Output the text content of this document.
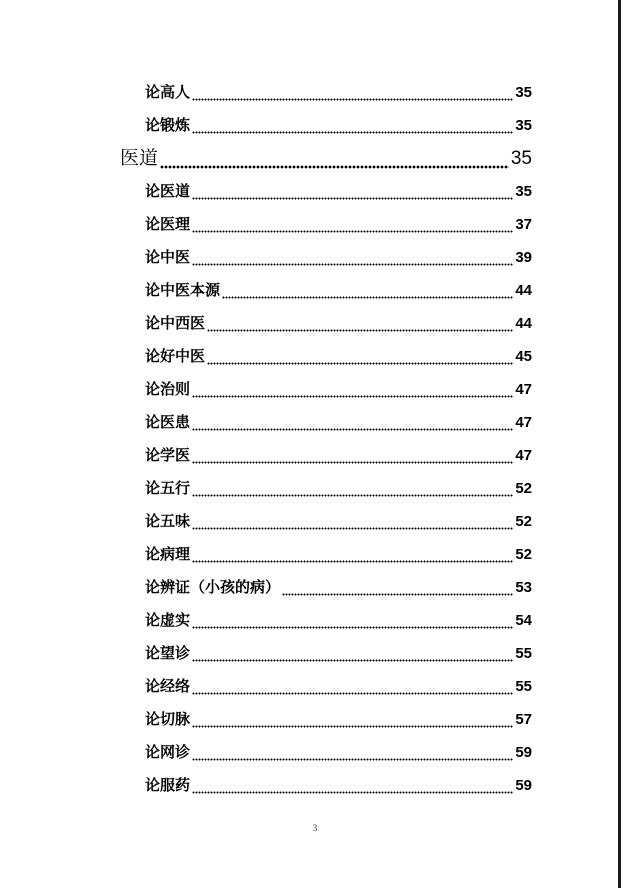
论高人	35
论锻炼	35
医道	35
论医道	35
论医理	37
论中医	39
论中医本源	44
论中西医	44
论好中医	45
论治则	47
论医患	47
论学医	47
论五行	52
论五味	52
论病理	52
论辨证（小孩的病）	53
论虚实	54
论望诊	55
论经络	55
论切脉	57
论网诊	59
论服药	59
3
